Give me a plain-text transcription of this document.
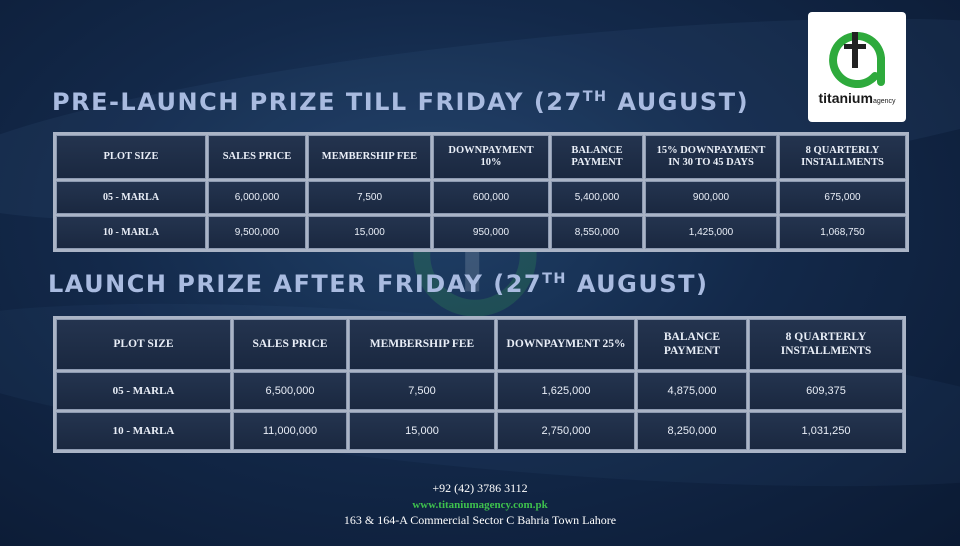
titaniumagency
PRE-LAUNCH PRIZE TILL FRIDAY (27TH AUGUST)
PLOT SIZE	SALES PRICE	MEMBERSHIP FEE	DOWNPAYMENT 10%	BALANCE PAYMENT	15% DOWNPAYMENT IN 30 TO 45 DAYS	8 QUARTERLY INSTALLMENTS
05 - MARLA	6,000,000	7,500	600,000	5,400,000	900,000	675,000
10 - MARLA	9,500,000	15,000	950,000	8,550,000	1,425,000	1,068,750
LAUNCH PRIZE AFTER FRIDAY (27TH AUGUST)
PLOT SIZE	SALES PRICE	MEMBERSHIP FEE	DOWNPAYMENT 25%	BALANCE PAYMENT	8 QUARTERLY INSTALLMENTS
05 - MARLA	6,500,000	7,500	1,625,000	4,875,000	609,375
10 - MARLA	11,000,000	15,000	2,750,000	8,250,000	1,031,250
+92 (42) 3786 3112
www.titaniumagency.com.pk
163 & 164-A Commercial Sector C Bahria Town Lahore
